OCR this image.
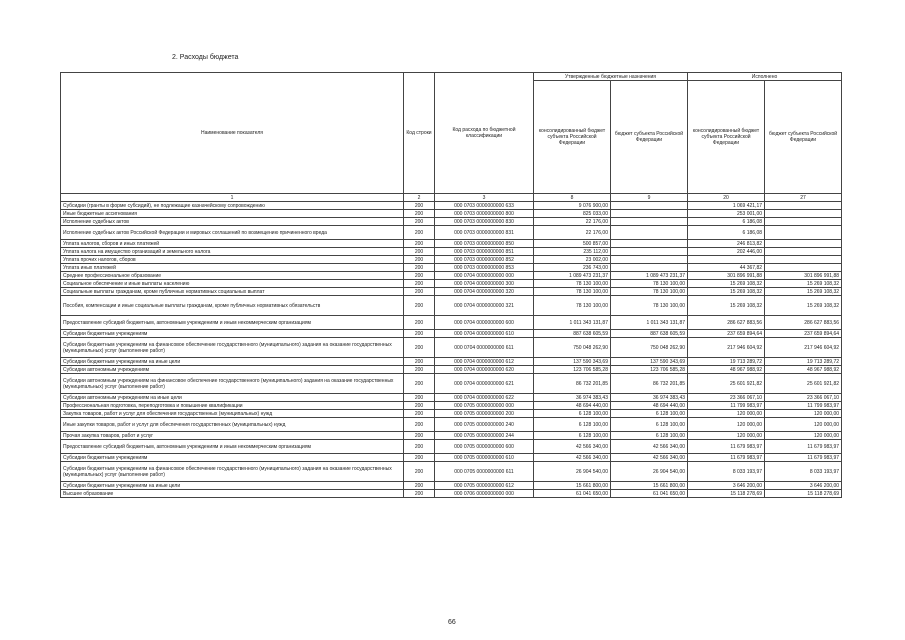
2. Расходы бюджета
Наименование показателя	Код строки	Код расхода по бюджетной классификации	Утвержденные бюджетные назначения		Исполнено	
			консолидированный бюджет субъекта Российской Федерации	бюджет субъекта Российской Федерации	консолидированный бюджет субъекта Российской Федерации	бюджет субъекта Российской Федерации
1	2	3	8	9	20	27
Субсидии (гранты в форме субсидий), не подлежащие казначейскому сопровождению	200	000 0703 0000000000 633	9 076 900,00		1 069 421,17	
Иные бюджетные ассигнования	200	000 0703 0000000000 800	825 033,00		253 001,00	
Исполнение судебных актов	200	000 0703 0000000000 830	22 176,00		6 186,08	
Исполнение судебных актов Российской Федерации и мировых соглашений по возмещению причиненного вреда	200	000 0703 0000000000 831	22 176,00		6 186,08	
Уплата налогов, сборов и иных платежей	200	000 0703 0000000000 850	500 857,00		246 813,82	
Уплата налога на имущество организаций и земельного налога	200	000 0703 0000000000 851	235 112,00		202 446,00	
Уплата прочих налогов, сборов	200	000 0703 0000000000 852	23 002,00			
Уплата иных платежей	200	000 0703 0000000000 853	236 743,00		44 367,82	
Среднее профессиональное образование	200	000 0704 0000000000 000	1 089 473 231,37	1 089 473 231,37	301 896 991,88	301 896 991,88
Социальное обеспечение и иные выплаты населению	200	000 0704 0000000000 300	78 130 100,00	78 130 100,00	15 269 108,32	15 269 108,32
Социальные выплаты гражданам, кроме публичных нормативных социальных выплат	200	000 0704 0000000000 320	78 130 100,00	78 130 100,00	15 269 108,32	15 269 108,32
Пособия, компенсации и иные социальные выплаты гражданам, кроме публичных нормативных обязательств	200	000 0704 0000000000 321	78 130 100,00	78 130 100,00	15 269 108,32	15 269 108,32
Предоставление субсидий бюджетным, автономным учреждениям и иным некоммерческим организациям	200	000 0704 0000000000 600	1 011 343 131,87	1 011 343 131,87	286 627 883,56	286 627 883,56
Субсидии бюджетным учреждениям	200	000 0704 0000000000 610	887 638 605,59	887 638 605,59	237 659 894,64	237 659 894,64
Субсидии бюджетным учреждениям на финансовое обеспечение государственного (муниципального) задания на оказание государственных (муниципальных) услуг (выполнение работ)	200	000 0704 0000000000 611	750 048 262,90	750 048 262,90	217 946 604,92	217 946 604,92
Субсидии бюджетным учреждениям на иные цели	200	000 0704 0000000000 612	137 590 343,69	137 590 343,69	19 713 289,72	19 713 289,72
Субсидии автономным учреждениям	200	000 0704 0000000000 620	123 706 585,28	123 706 585,28	48 967 988,92	48 967 988,92
Субсидии автономным учреждениям на финансовое обеспечение государственного (муниципального) задания на оказание государственных (муниципальных) услуг (выполнение работ)	200	000 0704 0000000000 621	86 732 201,85	86 732 201,85	25 601 921,82	25 601 921,82
Субсидии автономным учреждениям на иные цели	200	000 0704 0000000000 622	36 974 383,43	36 974 383,43	23 366 067,10	23 366 067,10
Профессиональная подготовка, переподготовка и повышение квалификации	200	000 0705 0000000000 000	48 694 440,00	48 694 440,00	11 799 983,97	11 799 983,97
Закупка товаров, работ и услуг для обеспечения государственных (муниципальных) нужд	200	000 0705 0000000000 200	6 128 100,00	6 128 100,00	120 000,00	120 000,00
Иные закупки товаров, работ и услуг для обеспечения государственных (муниципальных) нужд	200	000 0705 0000000000 240	6 128 100,00	6 128 100,00	120 000,00	120 000,00
Прочая закупка товаров, работ и услуг	200	000 0705 0000000000 244	6 128 100,00	6 128 100,00	120 000,00	120 000,00
Предоставление субсидий бюджетным, автономным учреждениям и иным некоммерческим организациям	200	000 0705 0000000000 600	42 566 340,00	42 566 340,00	11 679 983,97	11 679 983,97
Субсидии бюджетным учреждениям	200	000 0705 0000000000 610	42 566 340,00	42 566 340,00	11 679 983,97	11 679 983,97
Субсидии бюджетным учреждениям на финансовое обеспечение государственного (муниципального) задания на оказание государственных (муниципальных) услуг (выполнение работ)	200	000 0705 0000000000 611	26 904 540,00	26 904 540,00	8 033 193,97	8 033 193,97
Субсидии бюджетным учреждениям на иные цели	200	000 0705 0000000000 612	15 661 800,00	15 661 800,00	3 646 200,00	3 646 200,00
Высшее образование	200	000 0706 0000000000 000	61 041 650,00	61 041 650,00	15 118 278,69	15 118 278,69
66
